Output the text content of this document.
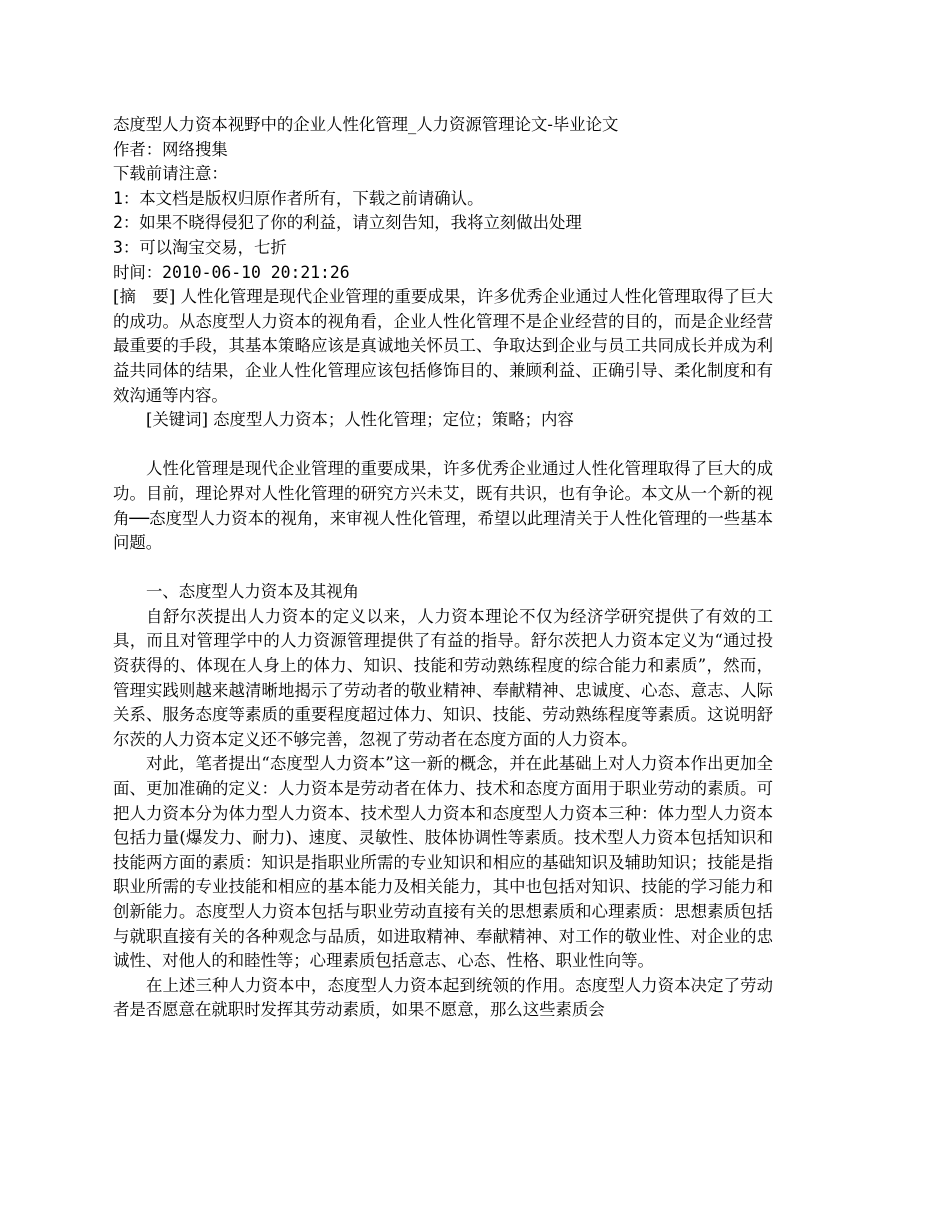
态度型人力资本视野中的企业人性化管理_人力资源管理论文-毕业论文
作者：网络搜集
下载前请注意：
1：本文档是版权归原作者所有，下载之前请确认。
2：如果不晓得侵犯了你的利益，请立刻告知，我将立刻做出处理
3：可以淘宝交易，七折
时间：2010-06-10 20:21:26

[摘　要] 人性化管理是现代企业管理的重要成果，许多优秀企业通过人性化管理取得了巨大的成功。从态度型人力资本的视角看，企业人性化管理不是企业经营的目的，而是企业经营最重要的手段，其基本策略应该是真诚地关怀员工、争取达到企业与员工共同成长并成为利益共同体的结果，企业人性化管理应该包括修饰目的、兼顾利益、正确引导、柔化制度和有效沟通等内容。

[关键词] 态度型人力资本；人性化管理；定位；策略；内容

人性化管理是现代企业管理的重要成果，许多优秀企业通过人性化管理取得了巨大的成功。目前，理论界对人性化管理的研究方兴未艾，既有共识，也有争论。本文从一个新的视角──态度型人力资本的视角，来审视人性化管理，希望以此理清关于人性化管理的一些基本问题。

一、态度型人力资本及其视角

自舒尔茨提出人力资本的定义以来，人力资本理论不仅为经济学研究提供了有效的工具，而且对管理学中的人力资源管理提供了有益的指导。舒尔茨把人力资本定义为“通过投资获得的、体现在人身上的体力、知识、技能和劳动熟练程度的综合能力和素质”，然而，管理实践则越来越清晰地揭示了劳动者的敬业精神、奉献精神、忠诚度、心态、意志、人际关系、服务态度等素质的重要程度超过体力、知识、技能、劳动熟练程度等素质。这说明舒尔茨的人力资本定义还不够完善，忽视了劳动者在态度方面的人力资本。

对此，笔者提出“态度型人力资本”这一新的概念，并在此基础上对人力资本作出更加全面、更加准确的定义：人力资本是劳动者在体力、技术和态度方面用于职业劳动的素质。可把人力资本分为体力型人力资本、技术型人力资本和态度型人力资本三种：体力型人力资本包括力量(爆发力、耐力)、速度、灵敏性、肢体协调性等素质。技术型人力资本包括知识和技能两方面的素质：知识是指职业所需的专业知识和相应的基础知识及辅助知识；技能是指职业所需的专业技能和相应的基本能力及相关能力，其中也包括对知识、技能的学习能力和创新能力。态度型人力资本包括与职业劳动直接有关的思想素质和心理素质：思想素质包括与就职直接有关的各种观念与品质，如进取精神、奉献精神、对工作的敬业性、对企业的忠诚性、对他人的和睦性等；心理素质包括意志、心态、性格、职业性向等。

在上述三种人力资本中，态度型人力资本起到统领的作用。态度型人力资本决定了劳动者是否愿意在就职时发挥其劳动素质，如果不愿意，那么这些素质会
